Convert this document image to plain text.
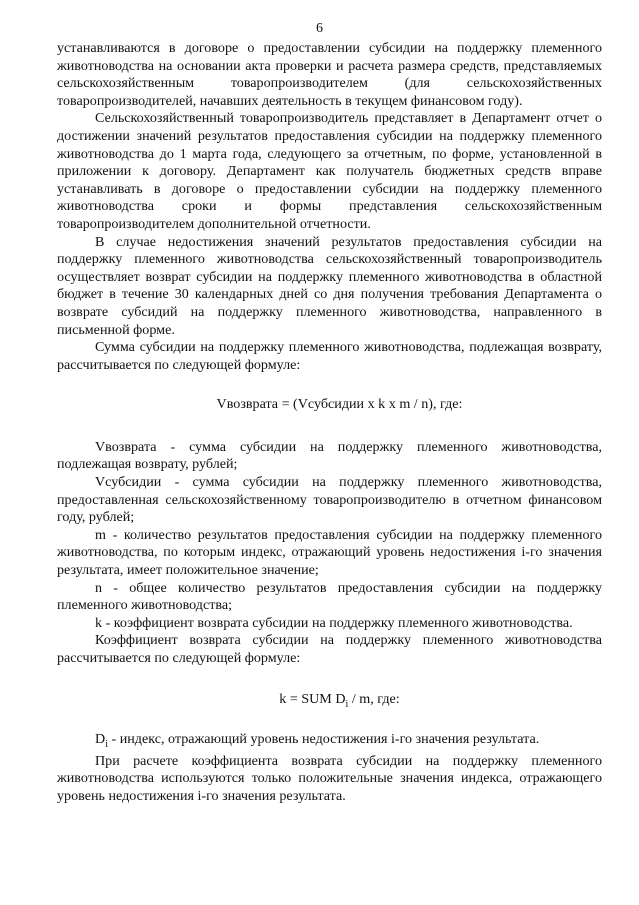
6

устанавливаются в договоре о предоставлении субсидии на поддержку племенного животноводства на основании акта проверки и расчета размера средств, представляемых сельскохозяйственным товаропроизводителем (для сельскохозяйственных товаропроизводителей, начавших деятельность в текущем финансовом году).

Сельскохозяйственный товаропроизводитель представляет в Департамент отчет о достижении значений результатов предоставления субсидии на поддержку племенного животноводства до 1 марта года, следующего за отчетным, по форме, установленной в приложении к договору. Департамент как получатель бюджетных средств вправе устанавливать в договоре о предоставлении субсидии на поддержку племенного животноводства сроки и формы представления сельскохозяйственным товаропроизводителем дополнительной отчетности.

В случае недостижения значений результатов предоставления субсидии на поддержку племенного животноводства сельскохозяйственный товаропроизводитель осуществляет возврат субсидии на поддержку племенного животноводства в областной бюджет в течение 30 календарных дней со дня получения требования Департамента о возврате субсидий на поддержку племенного животноводства, направленного в письменной форме.

Сумма субсидии на поддержку племенного животноводства, подлежащая возврату, рассчитывается по следующей формуле:

Vвозврата = (Vсубсидии x k x m / n), где:

Vвозврата - сумма субсидии на поддержку племенного животноводства, подлежащая возврату, рублей;

Vсубсидии - сумма субсидии на поддержку племенного животноводства, предоставленная сельскохозяйственному товаропроизводителю в отчетном финансовом году, рублей;

m - количество результатов предоставления субсидии на поддержку племенного животноводства, по которым индекс, отражающий уровень недостижения i-го значения результата, имеет положительное значение;

n - общее количество результатов предоставления субсидии на поддержку племенного животноводства;

k - коэффициент возврата субсидии на поддержку племенного животноводства.

Коэффициент возврата субсидии на поддержку племенного животноводства рассчитывается по следующей формуле:

k = SUM $D_i$ / m, где:

$D_i$ - индекс, отражающий уровень недостижения i-го значения результата.

При расчете коэффициента возврата субсидии на поддержку племенного животноводства используются только положительные значения индекса, отражающего уровень недостижения i-го значения результата.
